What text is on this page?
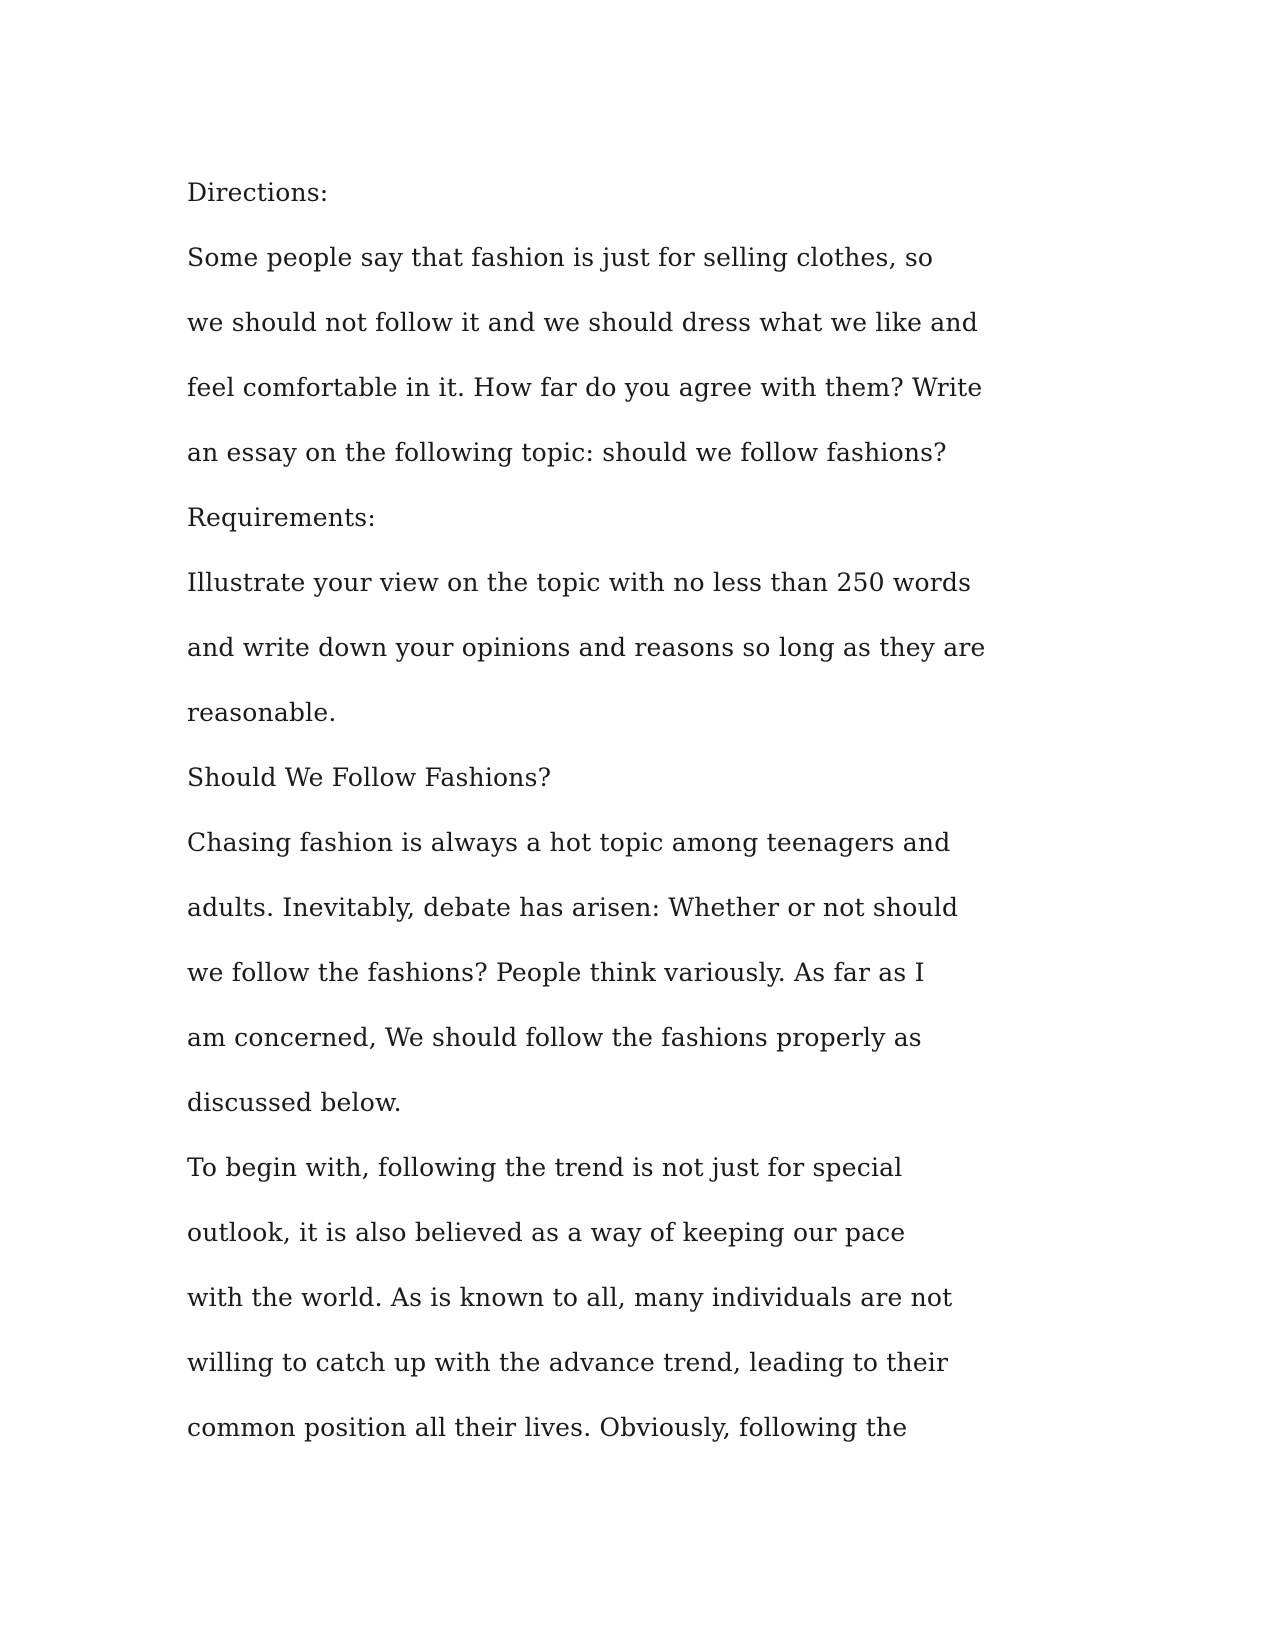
Directions:
Some people say that fashion is just for selling clothes, so
we should not follow it and we should dress what we like and
feel comfortable in it. How far do you agree with them? Write
an essay on the following topic: should we follow fashions?
Requirements:
Illustrate your view on the topic with no less than 250 words
and write down your opinions and reasons so long as they are
reasonable.
Should We Follow Fashions?
Chasing fashion is always a hot topic among teenagers and
adults. Inevitably, debate has arisen: Whether or not should
we follow the fashions? People think variously. As far as I
am concerned, We should follow the fashions properly as
discussed below.
To begin with, following the trend is not just for special
outlook, it is also believed as a way of keeping our pace
with the world. As is known to all, many individuals are not
willing to catch up with the advance trend, leading to their
common position all their lives. Obviously, following the
